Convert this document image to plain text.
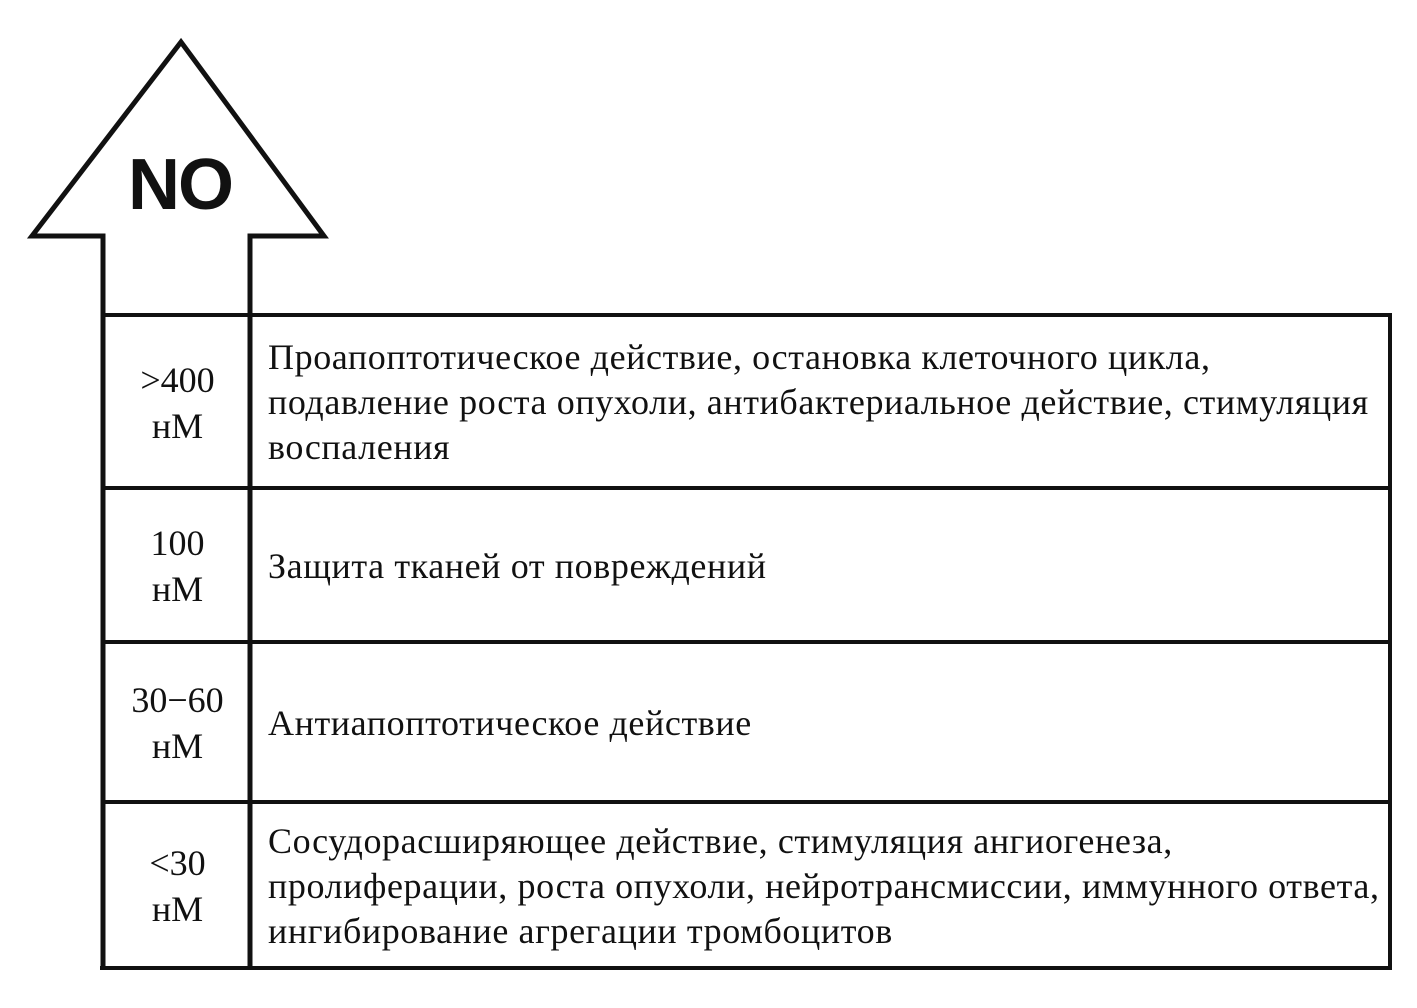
NO
>400
нМ
Проапоптотическое действие, остановка клеточного цикла, подавление роста опухоли, антибактериальное действие, стимуляция воспаления
100
нМ
Защита тканей от повреждений
30−60
нМ
Антиапоптотическое действие
<30
нМ
Сосудорасширяющее действие, стимуляция ангиогенеза, пролиферации, роста опухоли, нейротрансмиссии, иммунного ответа, ингибирование агрегации тромбоцитов
